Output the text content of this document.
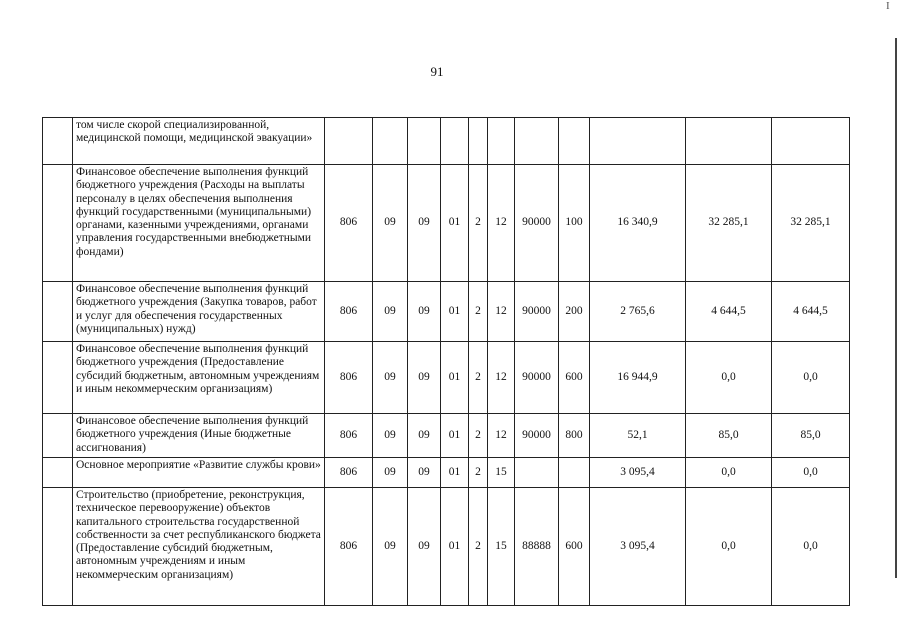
91
I
	том числе скорой специализированной, медицинской помощи, медицинской эвакуации»											
	Финансовое обеспечение выполнения функций бюджетного учреждения (Расходы на выплаты персоналу в целях обеспечения выполнения функций государственными (муниципальными) органами, казенными учреждениями, органами управления государственными внебюджетными фондами)	806	09	09	01	2	12	90000	100	16 340,9	32 285,1	32 285,1
	Финансовое обеспечение выполнения функций бюджетного учреждения (Закупка товаров, работ и услуг для обеспечения государственных (муниципальных) нужд)	806	09	09	01	2	12	90000	200	2 765,6	4 644,5	4 644,5
	Финансовое обеспечение выполнения функций бюджетного учреждения (Предоставление субсидий бюджетным, автономным учреждениям и иным некоммерческим организациям)	806	09	09	01	2	12	90000	600	16 944,9	0,0	0,0
	Финансовое обеспечение выполнения функций бюджетного учреждения (Иные бюджетные ассигнования)	806	09	09	01	2	12	90000	800	52,1	85,0	85,0
	Основное мероприятие «Развитие службы крови»	806	09	09	01	2	15			3 095,4	0,0	0,0
	Строительство (приобретение, реконструкция, техническое перевооружение) объектов капитального строительства государственной собственности за счет республиканского бюджета (Предоставление субсидий бюджетным, автономным учреждениям и иным некоммерческим организациям)	806	09	09	01	2	15	88888	600	3 095,4	0,0	0,0
